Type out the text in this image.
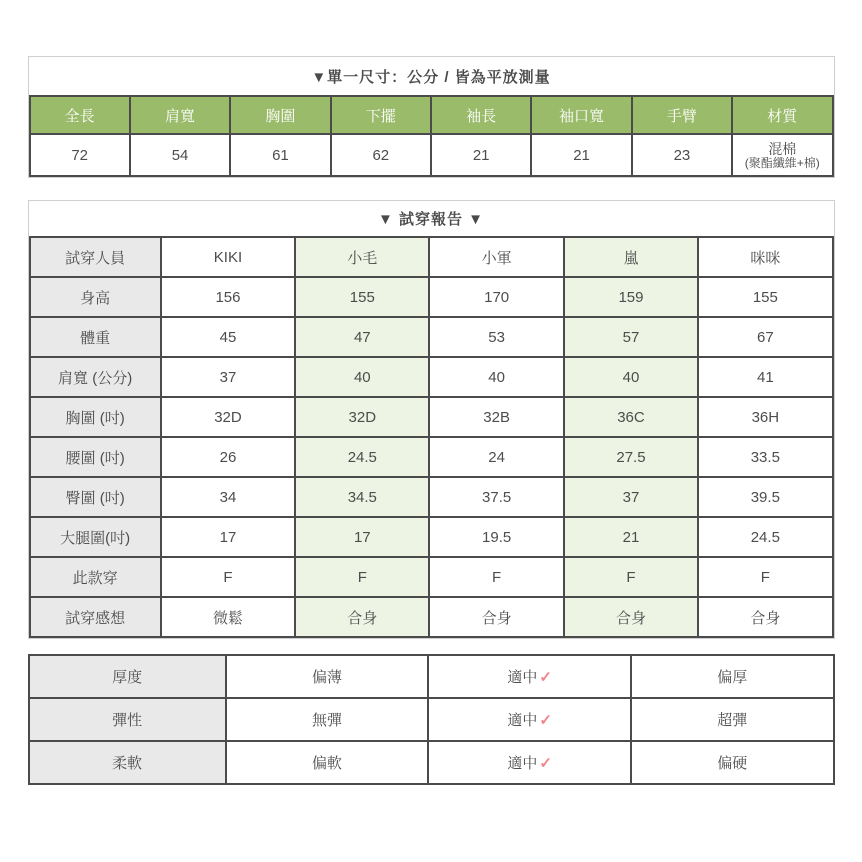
▼單一尺寸：公分 / 皆為平放測量
全長	肩寬	胸圍	下擺	袖長	袖口寬	手臂	材質
72	54	61	62	21	21	23	混棉
(聚酯纖維+棉)
▼ 試穿報告 ▼
試穿人員	KIKI	小毛	小軍	嵐	咪咪
身高	156	155	170	159	155
體重	45	47	53	57	67
肩寬 (公分)	37	40	40	40	41
胸圍 (吋)	32D	32D	32B	36C	36H
腰圍 (吋)	26	24.5	24	27.5	33.5
臀圍 (吋)	34	34.5	37.5	37	39.5
大腿圍(吋)	17	17	19.5	21	24.5
此款穿	F	F	F	F	F
試穿感想	微鬆	合身	合身	合身	合身
厚度	偏薄	適中 ✓	偏厚
彈性	無彈	適中 ✓	超彈
柔軟	偏軟	適中 ✓	偏硬
